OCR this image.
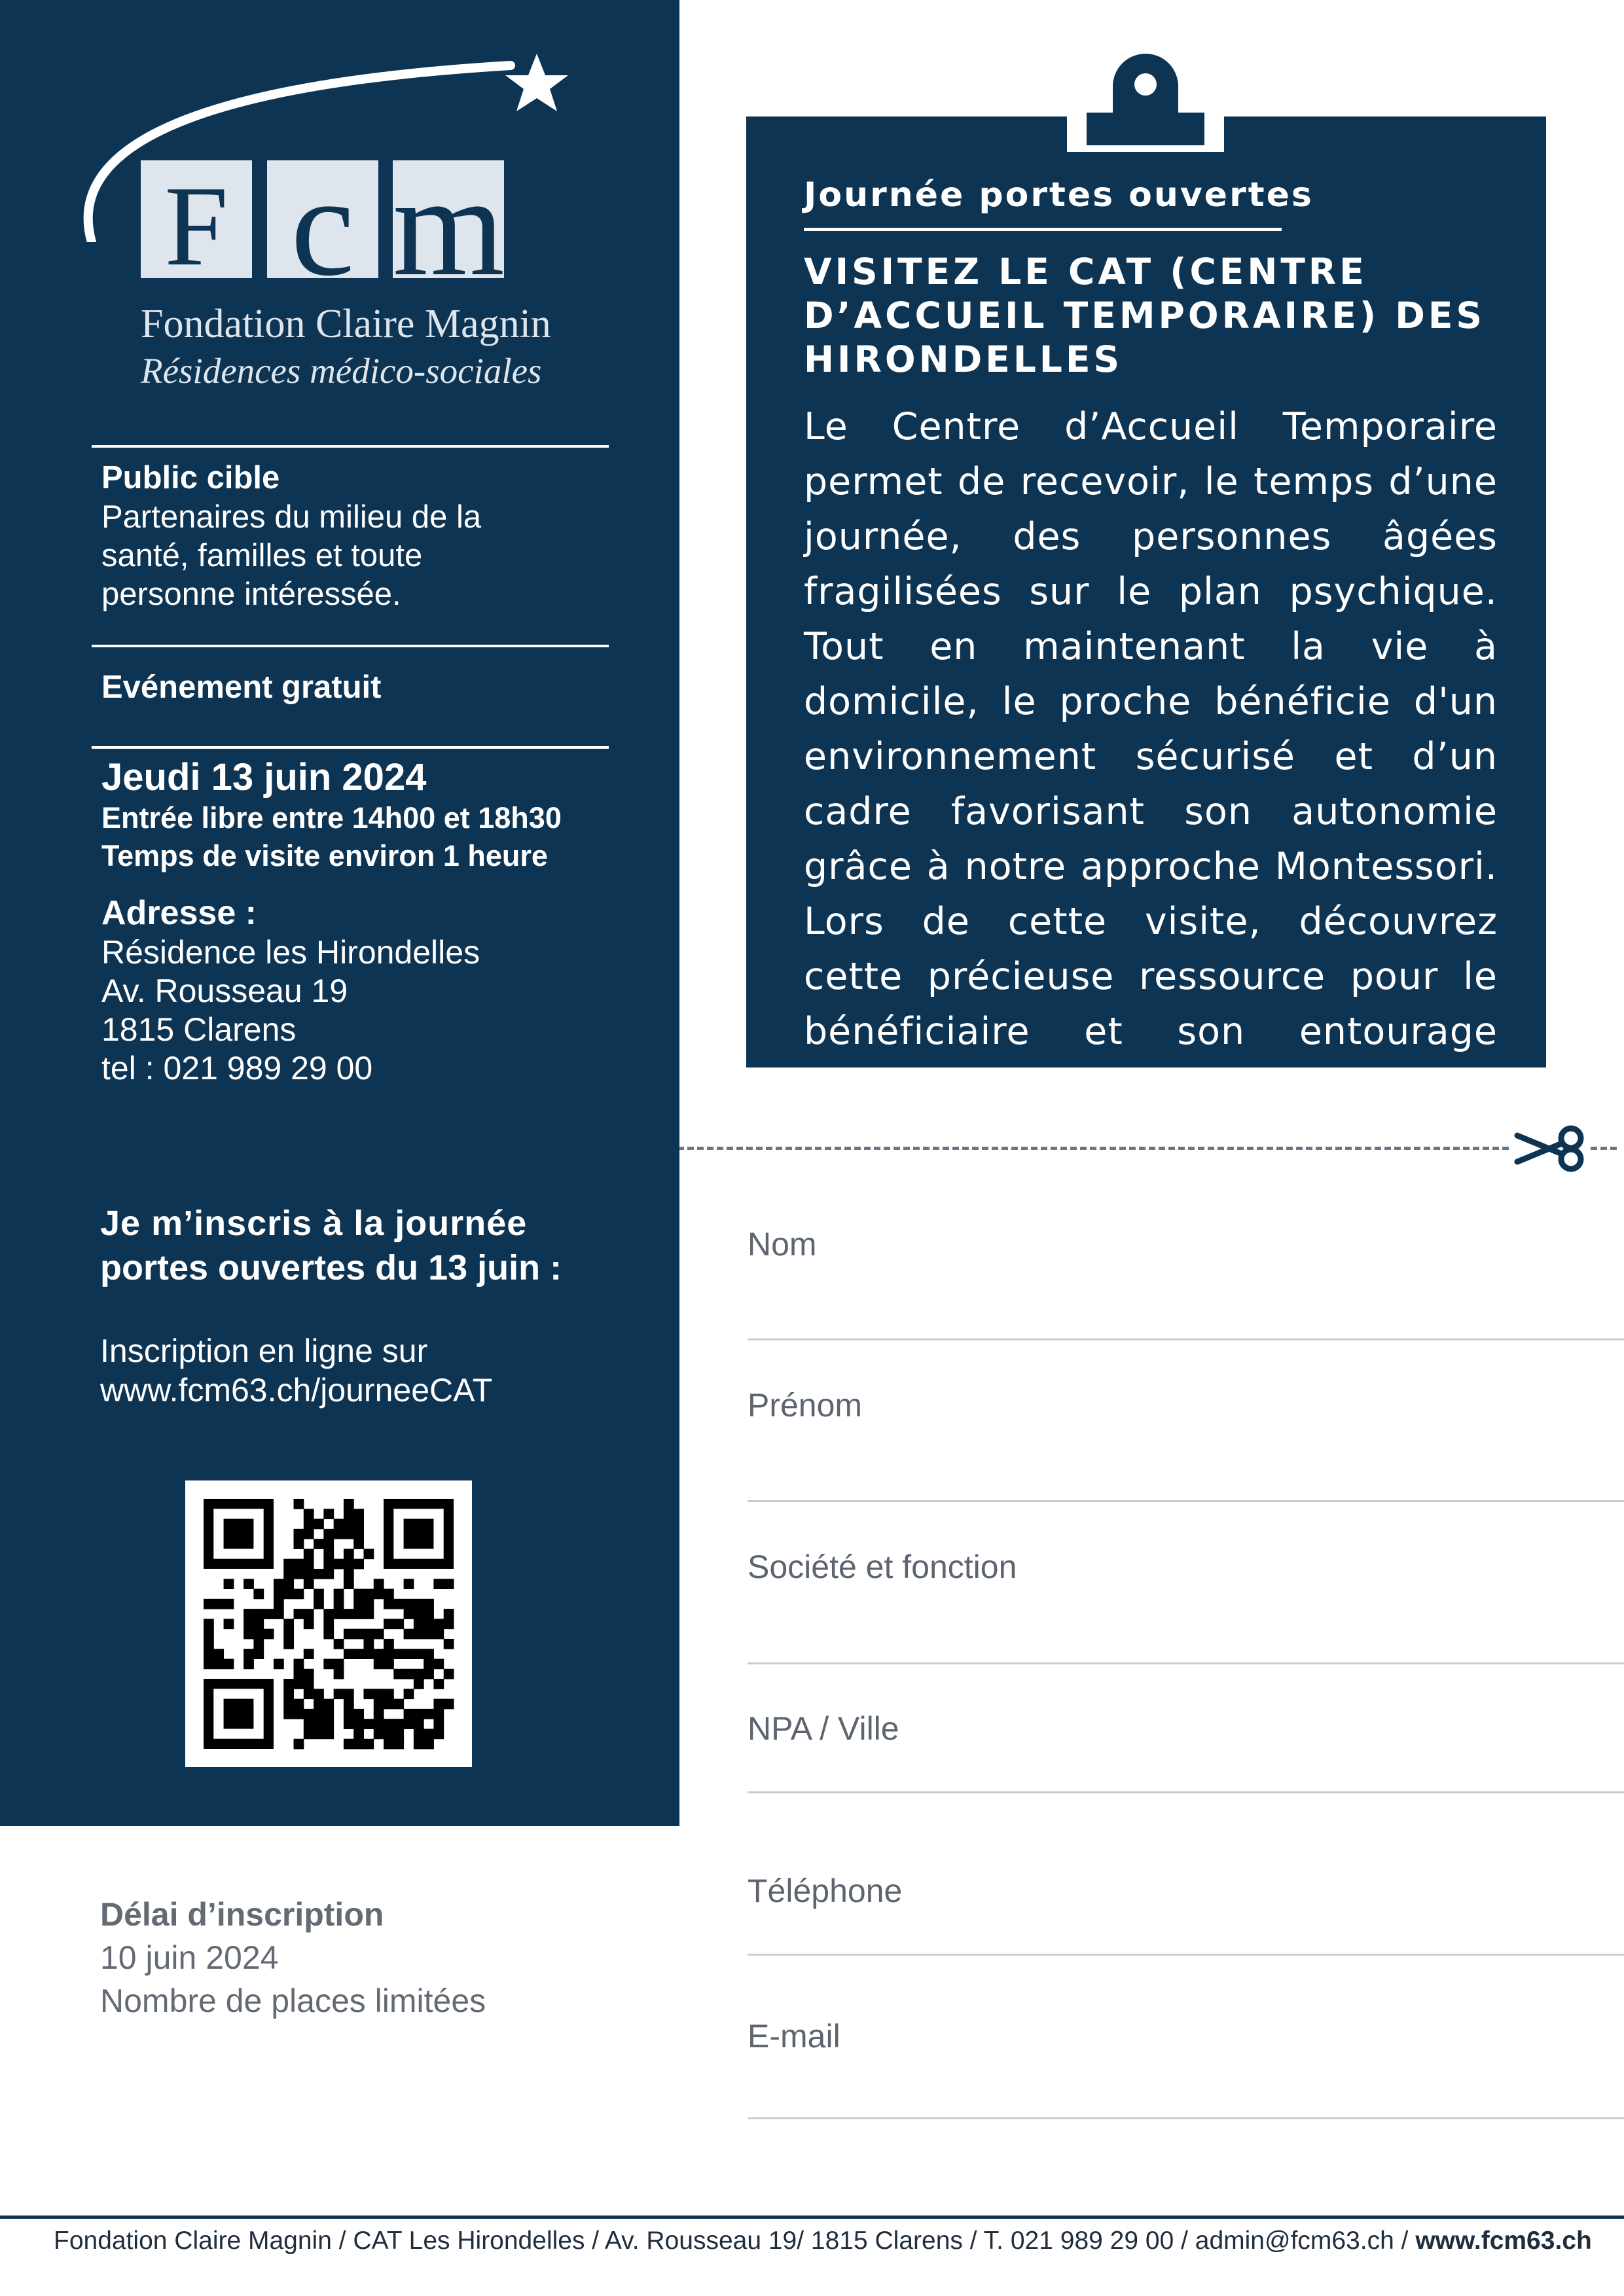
F c m
Fondation Claire Magnin
Résidences médico-sociales
Public cible
Partenaires du milieu de la
santé, familles et toute
personne intéressée.
Evénement gratuit
Jeudi 13 juin 2024
Entrée libre entre 14h00 et 18h30
Temps de visite environ 1 heure
Adresse :
Résidence les Hirondelles
Av. Rousseau 19
1815 Clarens
tel : 021 989 29 00
Journée portes ouvertes
VISITEZ LE CAT (CENTRE
D’ACCUEIL TEMPORAIRE) DES
HIRONDELLES
Le Centre d’Accueil Temporaire permet de recevoir, le temps d’une journée, des personnes âgées fragilisées sur le plan psychique. Tout en maintenant la vie à domicile, le proche bénéficie d'un environnement sécurisé et d’un cadre favorisant son autonomie grâce à notre approche Montessori. Lors de cette visite, découvrez cette précieuse ressource pour le bénéficiaire et son entourage familial.
Je m’inscris à la journée
portes ouvertes du 13 juin :
Inscription en ligne sur
www.fcm63.ch/journeeCAT
Délai d’inscription
10 juin 2024
Nombre de places limitées
Nom
Prénom
Société et fonction
NPA / Ville
Téléphone
E-mail
Fondation Claire Magnin / CAT Les Hirondelles / Av. Rousseau 19/ 1815 Clarens / T. 021 989 29 00 / admin@fcm63.ch / www.fcm63.ch
